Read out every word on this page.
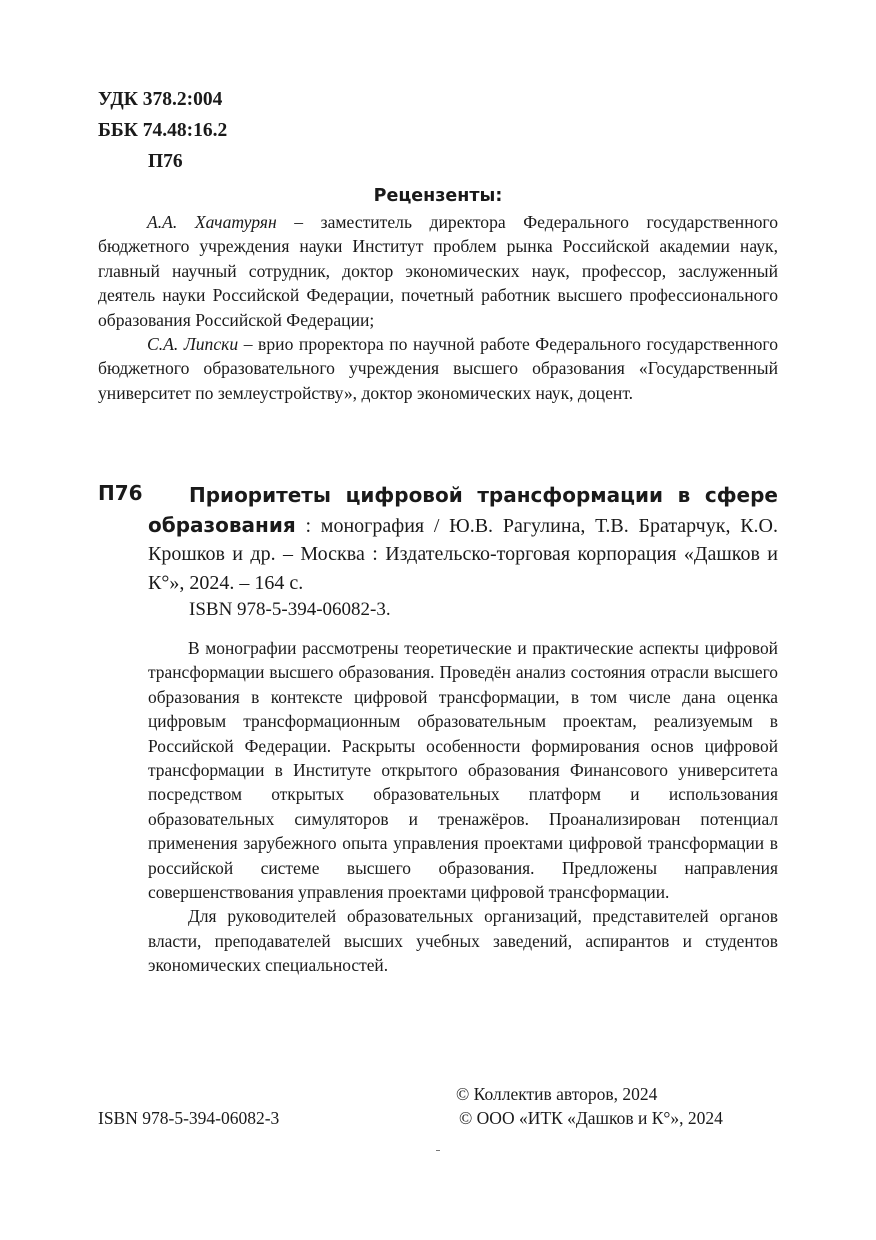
УДК 378.2:004
ББК 74.48:16.2
П76
Рецензенты:

А.А. Хачатурян – заместитель директора Федерального государственного бюджетного учреждения науки Институт проблем рынка Российской академии наук, главный научный сотрудник, доктор экономических наук, профессор, заслуженный деятель науки Российской Федерации, почетный работник высшего профессионального образования Российской Федерации;

С.А. Липски – врио проректора по научной работе Федерального государственного бюджетного образовательного учреждения высшего образования «Государственный университет по землеустройству», доктор экономических наук, доцент.

П76	Приоритеты цифровой трансформации в сфере
образования : монография / Ю.В. Рагулина, Т.В. Братарчук, К.О. Крошков и др. – Москва : Издательско-торговая корпорация «Дашков и К°», 2024. – 164 с.
ISBN 978-5-394-06082-3.

В монографии рассмотрены теоретические и практические аспекты цифровой трансформации высшего образования. Проведён анализ состояния отрасли высшего образования в контексте цифровой трансформации, в том числе дана оценка цифровым трансформационным образовательным проектам, реализуемым в Российской Федерации. Раскрыты особенности формирования основ цифровой трансформации в Институте открытого образования Финансового университета посредством открытых образовательных платформ и использования образовательных симуляторов и тренажёров. Проанализирован потенциал применения зарубежного опыта управления проектами цифровой трансформации в российской системе высшего образования. Предложены направления совершенствования управления проектами цифровой трансформации.

Для руководителей образовательных организаций, представителей органов власти, преподавателей высших учебных заведений, аспирантов и студентов экономических специальностей.

© Коллектив авторов, 2024
ISBN 978-5-394-06082-3	© ООО «ИТК «Дашков и К°», 2024
